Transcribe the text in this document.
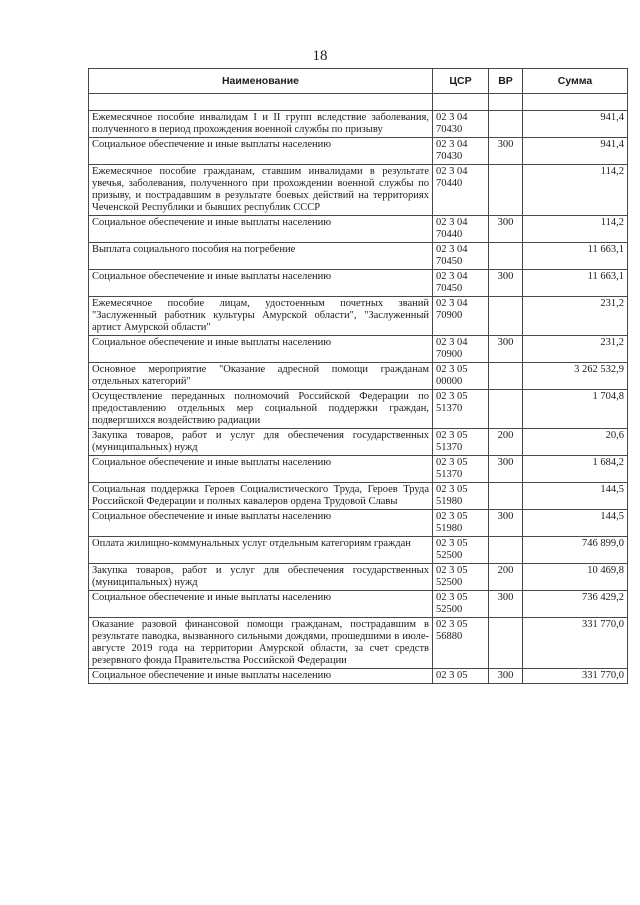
18
Наименование	ЦСР	ВР	Сумма

Ежемесячное пособие инвалидам I и II групп вследствие заболевания, полученного в период прохождения военной службы по призыву	02 3 04 70430		941,4
Социальное обеспечение и иные выплаты населению	02 3 04 70430	300	941,4
Ежемесячное пособие гражданам, ставшим инвалидами в результате увечья, заболевания, полученного при прохождении военной службы по призыву, и пострадавшим в результате боевых действий на территориях Чеченской Республики и бывших республик СССР	02 3 04 70440		114,2
Социальное обеспечение и иные выплаты населению	02 3 04 70440	300	114,2
Выплата социального пособия на погребение	02 3 04 70450		11 663,1
Социальное обеспечение и иные выплаты населению	02 3 04 70450	300	11 663,1
Ежемесячное пособие лицам, удостоенным почетных званий "Заслуженный работник культуры Амурской области", "Заслуженный артист Амурской области"	02 3 04 70900		231,2
Социальное обеспечение и иные выплаты населению	02 3 04 70900	300	231,2
Основное мероприятие "Оказание адресной помощи гражданам отдельных категорий"	02 3 05 00000		3 262 532,9
Осуществление переданных полномочий Российской Федерации по предоставлению отдельных мер социальной поддержки граждан, подвергшихся воздействию радиации	02 3 05 51370		1 704,8
Закупка товаров, работ и услуг для обеспечения государственных (муниципальных) нужд	02 3 05 51370	200	20,6
Социальное обеспечение и иные выплаты населению	02 3 05 51370	300	1 684,2
Социальная поддержка Героев Социалистического Труда, Героев Труда Российской Федерации и полных кавалеров ордена Трудовой Славы	02 3 05 51980		144,5
Социальное обеспечение и иные выплаты населению	02 3 05 51980	300	144,5
Оплата жилищно-коммунальных услуг отдельным категориям граждан	02 3 05 52500		746 899,0
Закупка товаров, работ и услуг для обеспечения государственных (муниципальных) нужд	02 3 05 52500	200	10 469,8
Социальное обеспечение и иные выплаты населению	02 3 05 52500	300	736 429,2
Оказание разовой финансовой помощи гражданам, пострадавшим в результате паводка, вызванного сильными дождями, прошедшими в июле-августе 2019 года на территории Амурской области, за счет средств резервного фонда Правительства Российской Федерации	02 3 05 56880		331 770,0
Социальное обеспечение и иные выплаты населению	02 3 05	300	331 770,0
